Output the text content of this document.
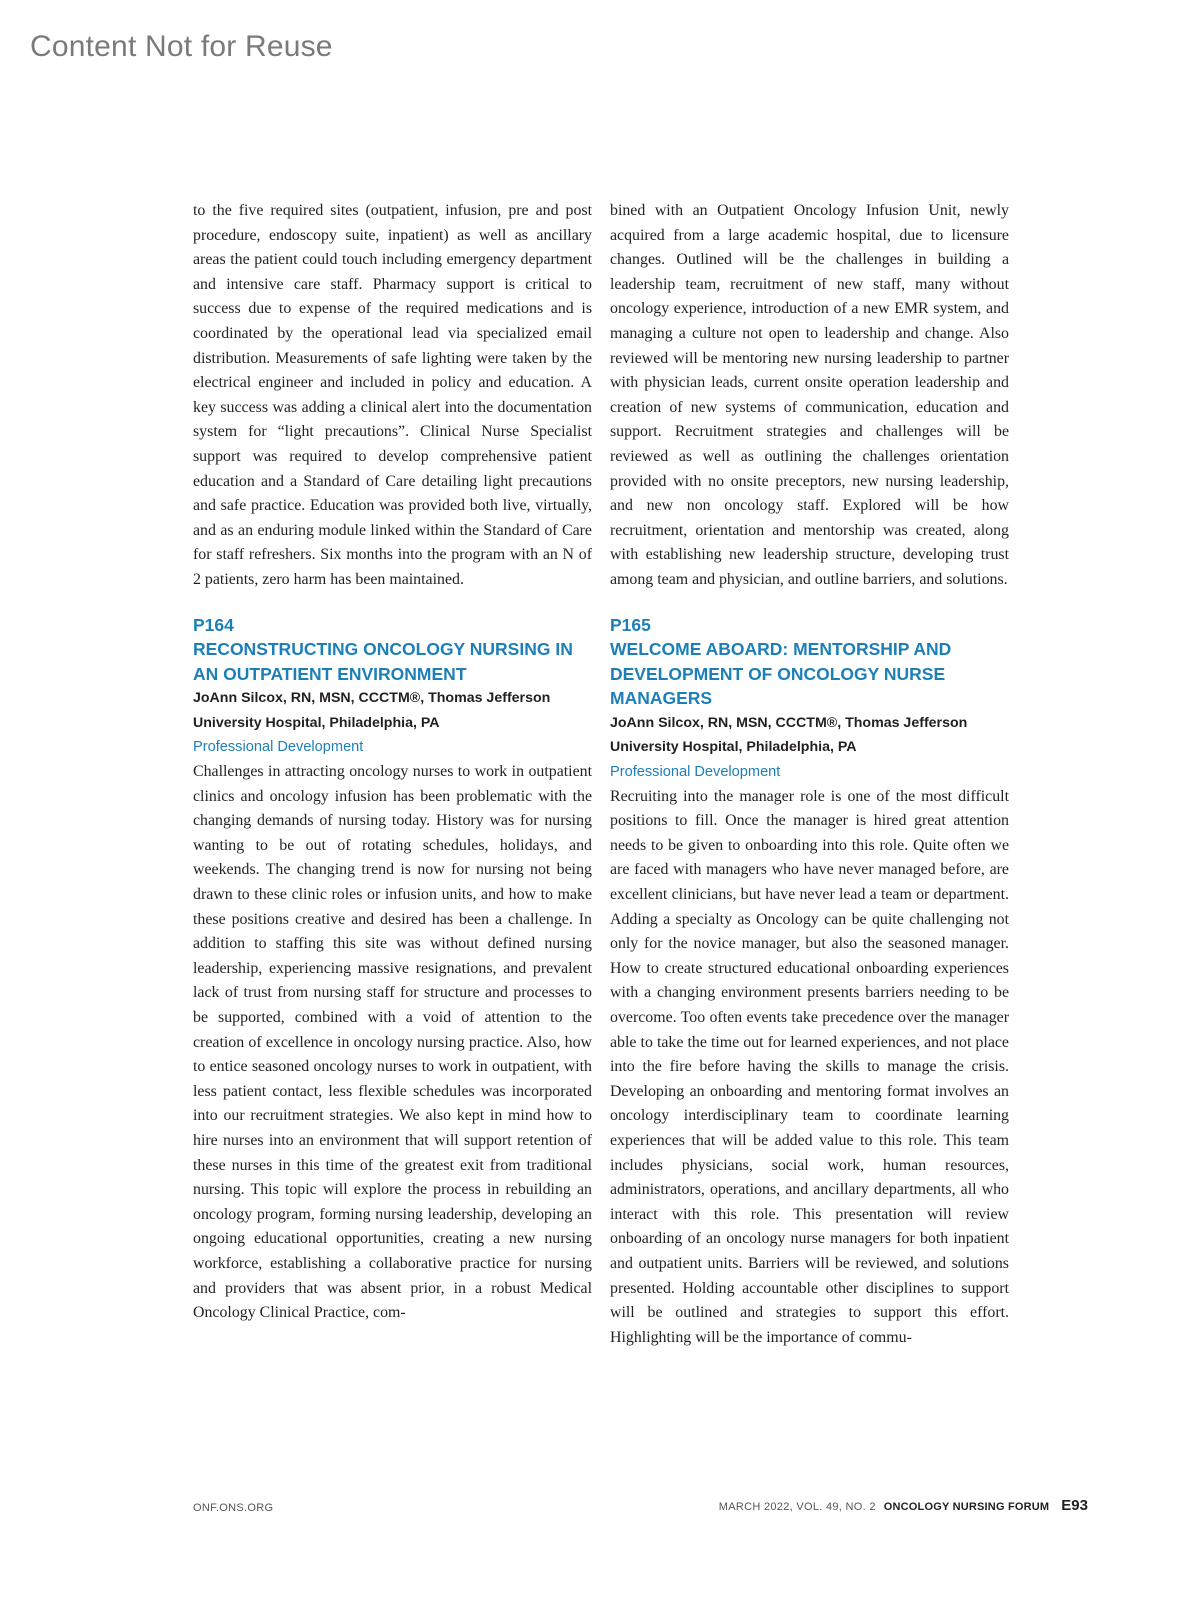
Content Not for Reuse

to the five required sites (outpatient, infusion, pre and post procedure, endoscopy suite, inpatient) as well as ancillary areas the patient could touch including emergency department and intensive care staff. Pharmacy support is critical to success due to expense of the required medications and is coordinated by the operational lead via specialized email distribution. Measurements of safe lighting were taken by the electrical engineer and included in policy and education. A key success was adding a clinical alert into the documentation system for “light precautions”. Clinical Nurse Specialist support was required to develop comprehensive patient education and a Standard of Care detailing light precautions and safe practice. Education was provided both live, virtually, and as an enduring module linked within the Standard of Care for staff refreshers. Six months into the program with an N of 2 patients, zero harm has been maintained.

P164
RECONSTRUCTING ONCOLOGY NURSING IN AN OUTPATIENT ENVIRONMENT
JoAnn Silcox, RN, MSN, CCCTM®, Thomas Jefferson University Hospital, Philadelphia, PA
Professional Development

Challenges in attracting oncology nurses to work in outpatient clinics and oncology infusion has been problematic with the changing demands of nursing today. History was for nursing wanting to be out of rotating schedules, holidays, and weekends. The changing trend is now for nursing not being drawn to these clinic roles or infusion units, and how to make these positions creative and desired has been a challenge. In addition to staffing this site was without defined nursing leadership, experiencing massive resignations, and prevalent lack of trust from nursing staff for structure and processes to be supported, combined with a void of attention to the creation of excellence in oncology nursing practice. Also, how to entice seasoned oncology nurses to work in outpatient, with less patient contact, less flexible schedules was incorporated into our recruitment strategies. We also kept in mind how to hire nurses into an environment that will support retention of these nurses in this time of the greatest exit from traditional nursing. This topic will explore the process in rebuilding an oncology program, forming nursing leadership, developing an ongoing educational opportunities, creating a new nursing workforce, establishing a collaborative practice for nursing and providers that was absent prior, in a robust Medical Oncology Clinical Practice, com-

bined with an Outpatient Oncology Infusion Unit, newly acquired from a large academic hospital, due to licensure changes. Outlined will be the challenges in building a leadership team, recruitment of new staff, many without oncology experience, introduction of a new EMR system, and managing a culture not open to leadership and change. Also reviewed will be mentoring new nursing leadership to partner with physician leads, current onsite operation leadership and creation of new systems of communication, education and support. Recruitment strategies and challenges will be reviewed as well as outlining the challenges orientation provided with no onsite preceptors, new nursing leadership, and new non oncology staff. Explored will be how recruitment, orientation and mentorship was created, along with establishing new leadership structure, developing trust among team and physician, and outline barriers, and solutions.

P165
WELCOME ABOARD: MENTORSHIP AND DEVELOPMENT OF ONCOLOGY NURSE MANAGERS
JoAnn Silcox, RN, MSN, CCCTM®, Thomas Jefferson University Hospital, Philadelphia, PA
Professional Development

Recruiting into the manager role is one of the most difficult positions to fill. Once the manager is hired great attention needs to be given to onboarding into this role. Quite often we are faced with managers who have never managed before, are excellent clinicians, but have never lead a team or department. Adding a specialty as Oncology can be quite challenging not only for the novice manager, but also the seasoned manager. How to create structured educational onboarding experiences with a changing environment presents barriers needing to be overcome. Too often events take precedence over the manager able to take the time out for learned experiences, and not place into the fire before having the skills to manage the crisis. Developing an onboarding and mentoring format involves an oncology interdisciplinary team to coordinate learning experiences that will be added value to this role. This team includes physicians, social work, human resources, administrators, operations, and ancillary departments, all who interact with this role. This presentation will review onboarding of an oncology nurse managers for both inpatient and outpatient units. Barriers will be reviewed, and solutions presented. Holding accountable other disciplines to support will be outlined and strategies to support this effort. Highlighting will be the importance of commu-

ONF.ONS.ORG	MARCH 2022, VOL. 49, NO. 2 ONCOLOGY NURSING FORUM E93
